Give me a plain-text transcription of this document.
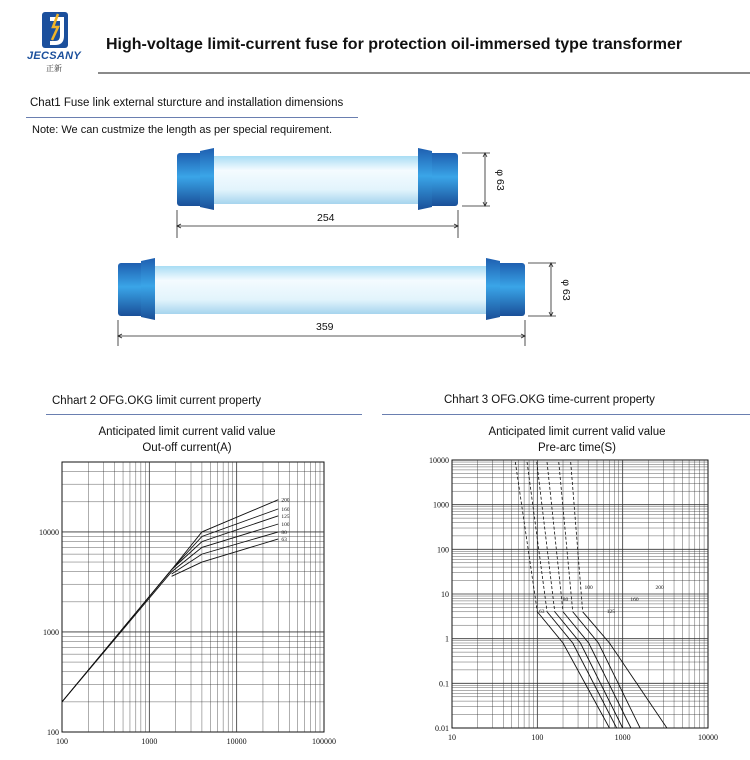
JECSANY
正新
High-voltage limit-current fuse for protection oil-immersed type transformer
Chat1 Fuse link external sturcture and installation dimensions
Note: We can custmize the length as per special requirement.
254
φ 63
359
φ 63
Chhart 2 OFG.OKG limit current property	Chhart 3 OFG.OKG time-current property
Anticipated limit current valid value
Out-off current(A)
Anticipated limit current valid value
Pre-arc time(S)
100	1000	10000	100000
100
1000
10000
200
160
125
100
80
63
10	100	1000	10000
10000
1000
100
10
1
0.1
0.01
63
80
100
125
160
200
